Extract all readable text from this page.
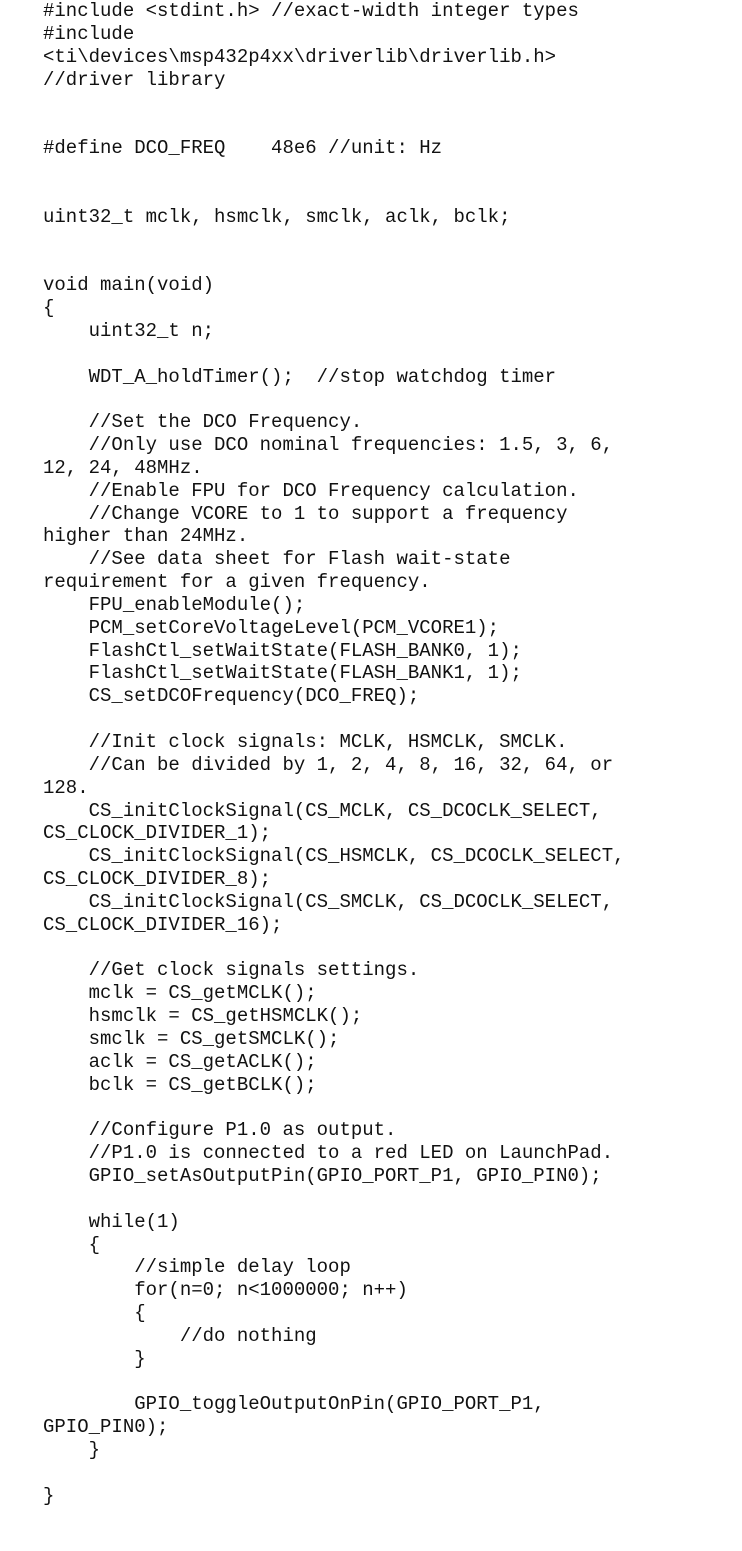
#include <stdint.h> //exact-width integer types
#include
<ti\devices\msp432p4xx\driverlib\driverlib.h>
//driver library
#define DCO_FREQ    48e6 //unit: Hz
uint32_t mclk, hsmclk, smclk, aclk, bclk;
void main(void)
{
uint32_t n;
WDT_A_holdTimer();  //stop watchdog timer
//Set the DCO Frequency.
//Only use DCO nominal frequencies: 1.5, 3, 6,
12, 24, 48MHz.
//Enable FPU for DCO Frequency calculation.
//Change VCORE to 1 to support a frequency
higher than 24MHz.
//See data sheet for Flash wait-state
requirement for a given frequency.
FPU_enableModule();
PCM_setCoreVoltageLevel(PCM_VCORE1);
FlashCtl_setWaitState(FLASH_BANK0, 1);
FlashCtl_setWaitState(FLASH_BANK1, 1);
CS_setDCOFrequency(DCO_FREQ);
//Init clock signals: MCLK, HSMCLK, SMCLK.
//Can be divided by 1, 2, 4, 8, 16, 32, 64, or
128.
CS_initClockSignal(CS_MCLK, CS_DCOCLK_SELECT,
CS_CLOCK_DIVIDER_1);
CS_initClockSignal(CS_HSMCLK, CS_DCOCLK_SELECT,
CS_CLOCK_DIVIDER_8);
CS_initClockSignal(CS_SMCLK, CS_DCOCLK_SELECT,
CS_CLOCK_DIVIDER_16);
//Get clock signals settings.
mclk = CS_getMCLK();
hsmclk = CS_getHSMCLK();
smclk = CS_getSMCLK();
aclk = CS_getACLK();
bclk = CS_getBCLK();
//Configure P1.0 as output.
//P1.0 is connected to a red LED on LaunchPad.
GPIO_setAsOutputPin(GPIO_PORT_P1, GPIO_PIN0);
while(1)
{
//simple delay loop
for(n=0; n<1000000; n++)
{
//do nothing
}
GPIO_toggleOutputOnPin(GPIO_PORT_P1,
GPIO_PIN0);
}
}
